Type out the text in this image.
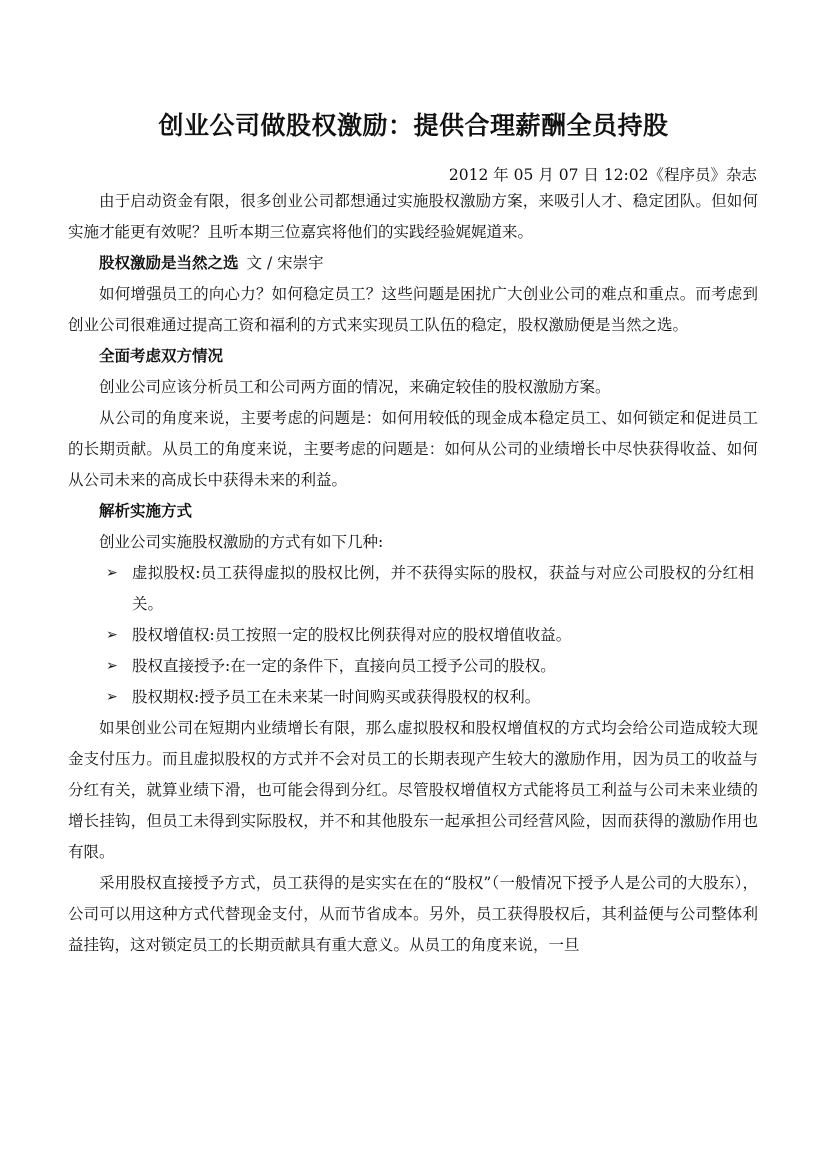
创业公司做股权激励：提供合理薪酬全员持股

2012 年 05 月 07 日 12:02《程序员》杂志

由于启动资金有限，很多创业公司都想通过实施股权激励方案，来吸引人才、稳定团队。但如何实施才能更有效呢？且听本期三位嘉宾将他们的实践经验娓娓道来。

股权激励是当然之选 文 / 宋崇宇

如何增强员工的向心力？如何稳定员工？这些问题是困扰广大创业公司的难点和重点。而考虑到创业公司很难通过提高工资和福利的方式来实现员工队伍的稳定，股权激励便是当然之选。

全面考虑双方情况

创业公司应该分析员工和公司两方面的情况，来确定较佳的股权激励方案。

从公司的角度来说，主要考虑的问题是：如何用较低的现金成本稳定员工、如何锁定和促进员工的长期贡献。从员工的角度来说，主要考虑的问题是：如何从公司的业绩增长中尽快获得收益、如何从公司未来的高成长中获得未来的利益。

解析实施方式

创业公司实施股权激励的方式有如下几种:

➢ 虚拟股权:员工获得虚拟的股权比例，并不获得实际的股权，获益与对应公司股权的分红相关。
➢ 股权增值权:员工按照一定的股权比例获得对应的股权增值收益。
➢ 股权直接授予:在一定的条件下，直接向员工授予公司的股权。
➢ 股权期权:授予员工在未来某一时间购买或获得股权的权利。

如果创业公司在短期内业绩增长有限，那么虚拟股权和股权增值权的方式均会给公司造成较大现金支付压力。而且虚拟股权的方式并不会对员工的长期表现产生较大的激励作用，因为员工的收益与分红有关，就算业绩下滑，也可能会得到分红。尽管股权增值权方式能将员工利益与公司未来业绩的增长挂钩，但员工未得到实际股权，并不和其他股东一起承担公司经营风险，因而获得的激励作用也有限。

采用股权直接授予方式，员工获得的是实实在在的“股权”（一般情况下授予人是公司的大股东），公司可以用这种方式代替现金支付，从而节省成本。另外，员工获得股权后，其利益便与公司整体利益挂钩，这对锁定员工的长期贡献具有重大意义。从员工的角度来说，一旦
